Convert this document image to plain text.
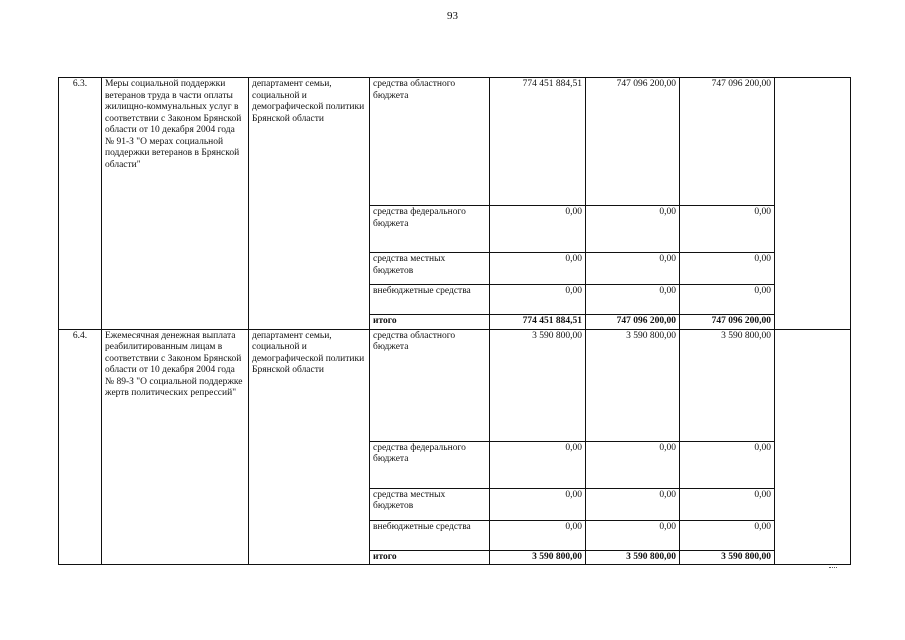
93
6.3.	Меры социальной поддержки ветеранов труда в части оплаты жилищно-коммунальных услуг в соответствии с Законом Брянской области от 10 декабря 2004 года № 91-З "О мерах социальной поддержки ветеранов в Брянской области"	департамент семьи, социальной и демографической политики Брянской области	средства областного бюджета	774 451 884,51	747 096 200,00	747 096 200,00	
			средства федерального бюджета	0,00	0,00	0,00	
			средства местных бюджетов	0,00	0,00	0,00	
			внебюджетные средства	0,00	0,00	0,00	
			итого	774 451 884,51	747 096 200,00	747 096 200,00	
6.4.	Ежемесячная денежная выплата реабилитированным лицам в соответствии с Законом Брянской области от 10 декабря 2004 года № 89-З "О социальной поддержке жертв политических репрессий"	департамент семьи, социальной и демографической политики Брянской области	средства областного бюджета	3 590 800,00	3 590 800,00	3 590 800,00	
			средства федерального бюджета	0,00	0,00	0,00	
			средства местных бюджетов	0,00	0,00	0,00	
			внебюджетные средства	0,00	0,00	0,00	
			итого	3 590 800,00	3 590 800,00	3 590 800,00	
